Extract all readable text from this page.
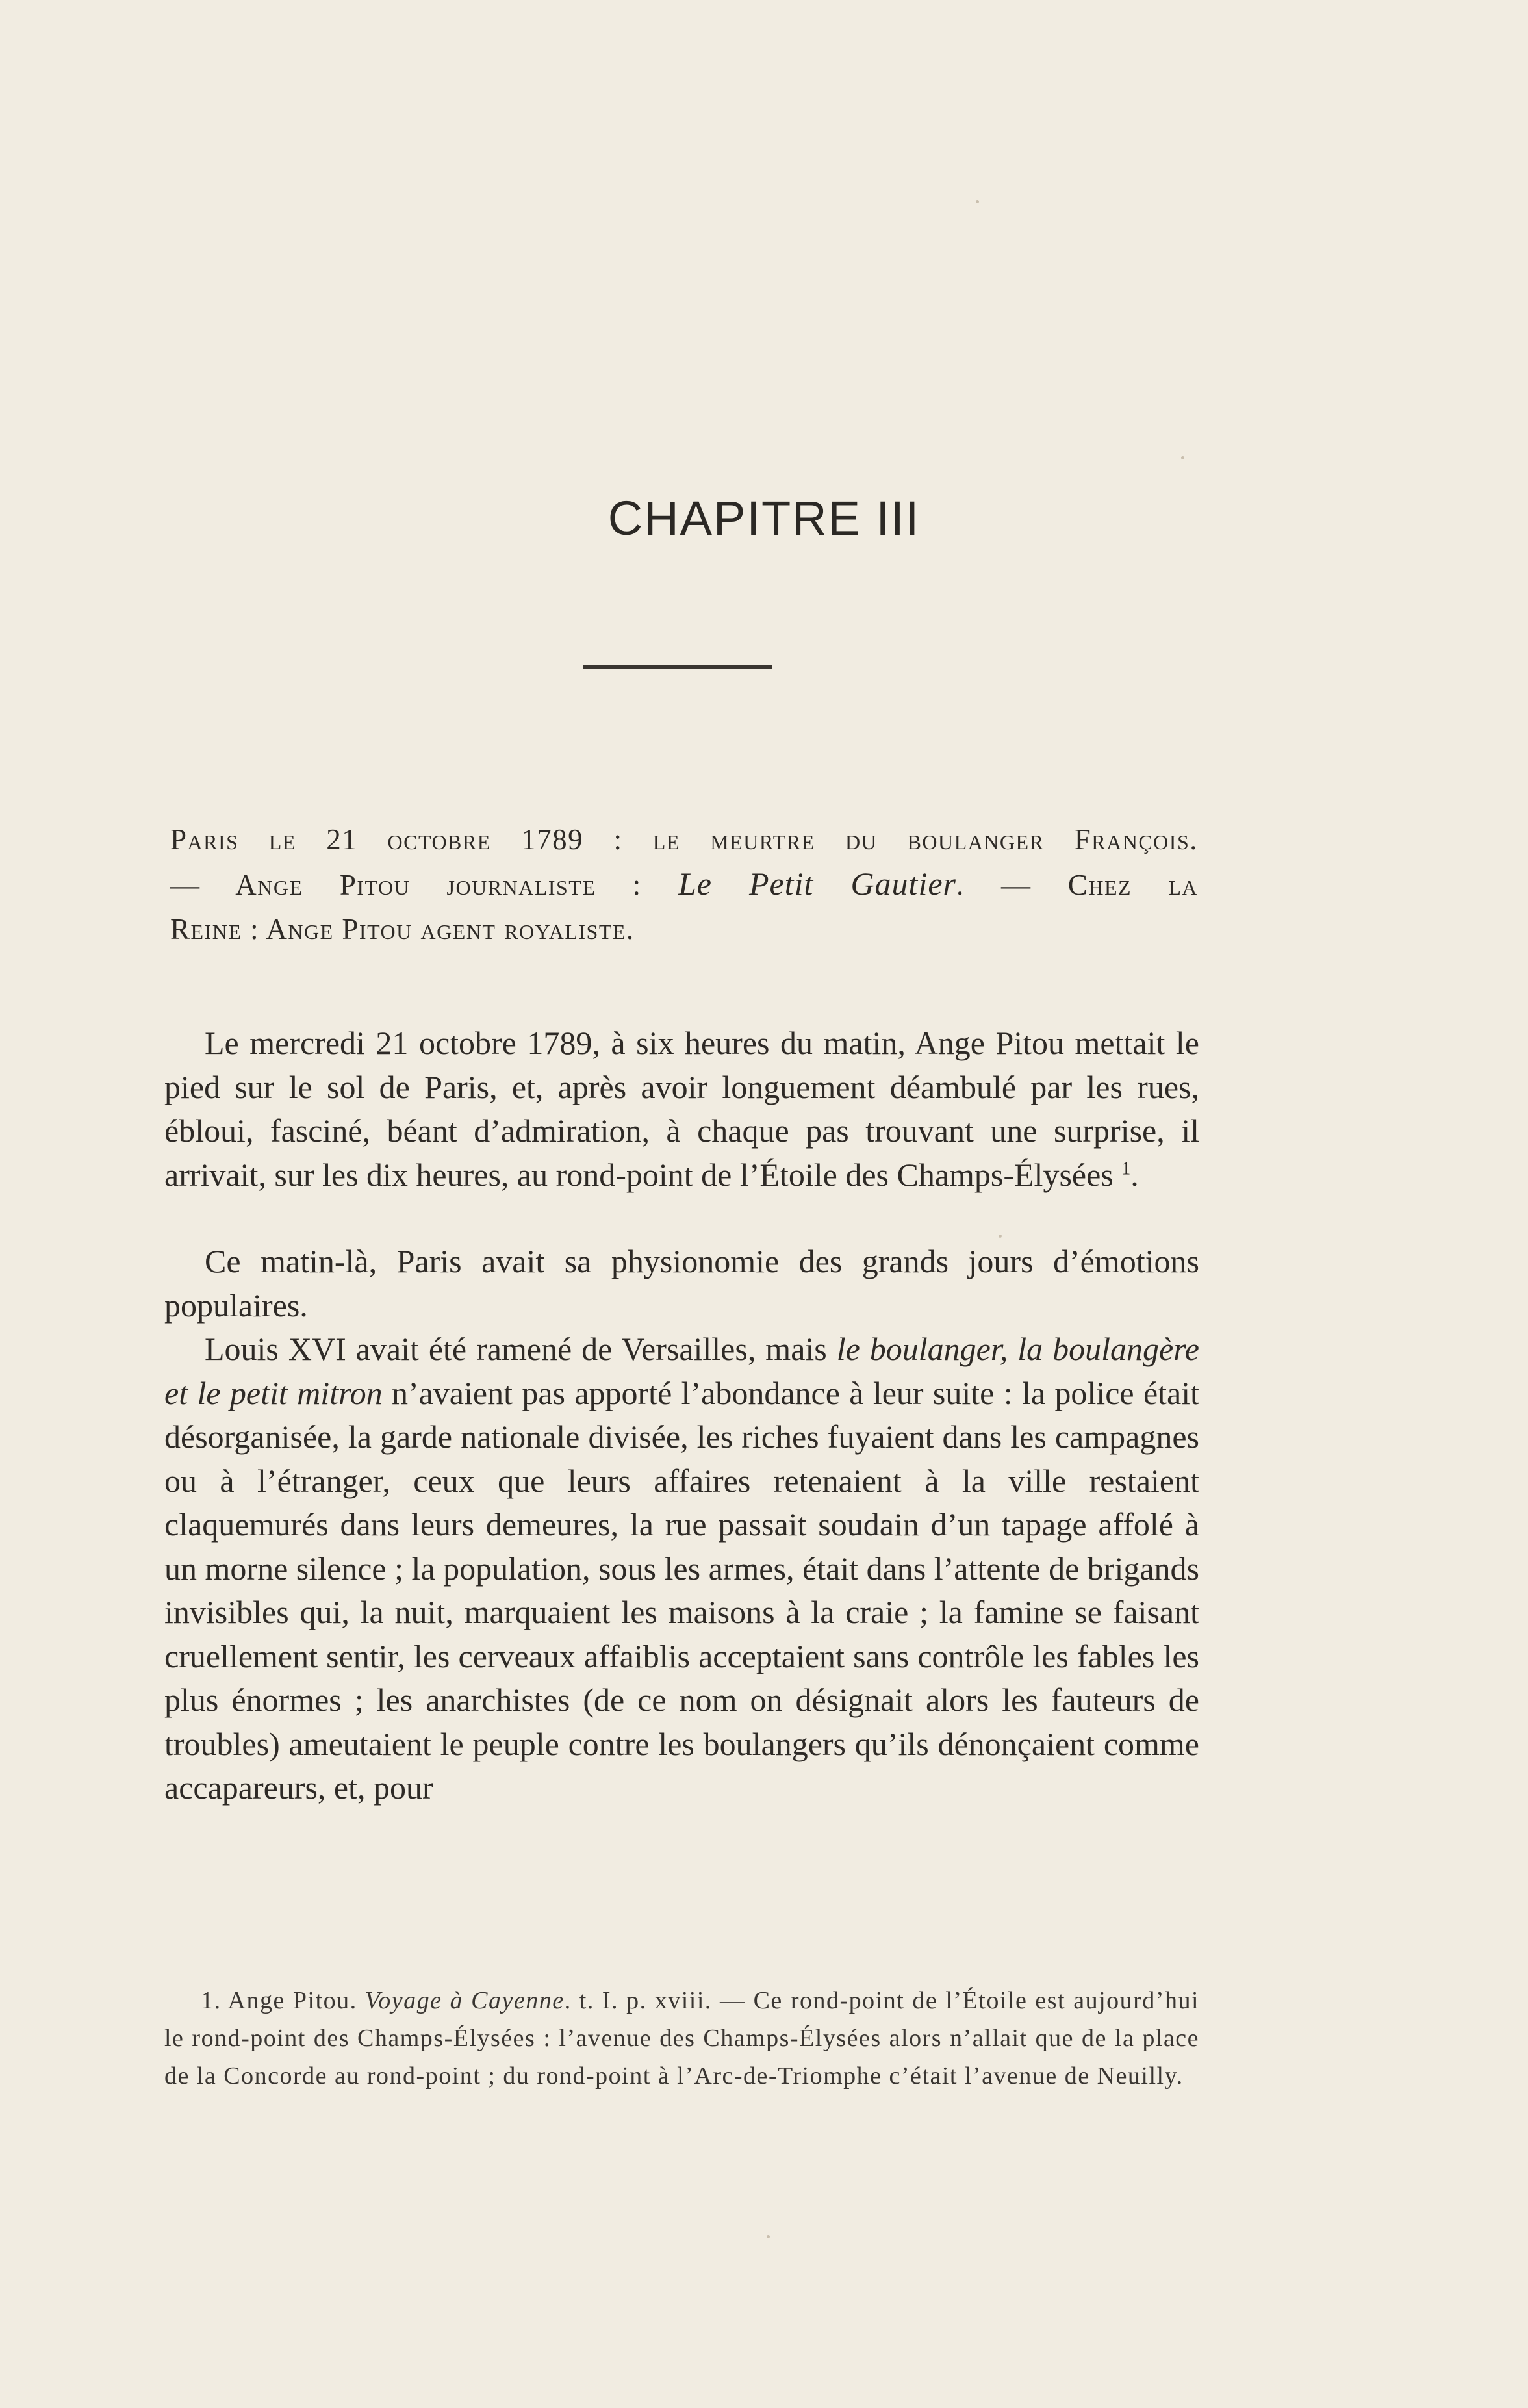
CHAPITRE III
Paris le 21 octobre 1789 : le meurtre du boulanger François.
— Ange Pitou journaliste : Le Petit Gautier. — Chez la
Reine : Ange Pitou agent royaliste.

Le mercredi 21 octobre 1789, à six heures du matin, Ange Pitou mettait le pied sur le sol de Paris, et, après avoir longuement déambulé par les rues, ébloui, fasciné, béant d’admiration, à chaque pas trouvant une surprise, il arrivait, sur les dix heures, au rond-point de l’Étoile des Champs-Élysées $^1$.

Ce matin-là, Paris avait sa physionomie des grands jours d’émotions populaires.

Louis XVI avait été ramené de Versailles, mais le boulanger, la boulangère et le petit mitron n’avaient pas apporté l’abondance à leur suite : la police était désorganisée, la garde nationale divisée, les riches fuyaient dans les campagnes ou à l’étranger, ceux que leurs affaires retenaient à la ville restaient claquemurés dans leurs demeures, la rue passait soudain d’un tapage affolé à un morne silence ; la population, sous les armes, était dans l’attente de brigands invisibles qui, la nuit, marquaient les maisons à la craie ; la famine se faisant cruellement sentir, les cerveaux affaiblis acceptaient sans contrôle les fables les plus énormes ; les anarchistes (de ce nom on désignait alors les fauteurs de troubles) ameutaient le peuple contre les boulangers qu’ils dénonçaient comme accapareurs, et, pour

1. Ange Pitou. Voyage à Cayenne. t. I. p. xviii. — Ce rond-point de l’Étoile est aujourd’hui le rond-point des Champs-Élysées : l’avenue des Champs-Élysées alors n’allait que de la place de la Concorde au rond-point ; du rond-point à l’Arc-de-Triomphe c’était l’avenue de Neuilly.
